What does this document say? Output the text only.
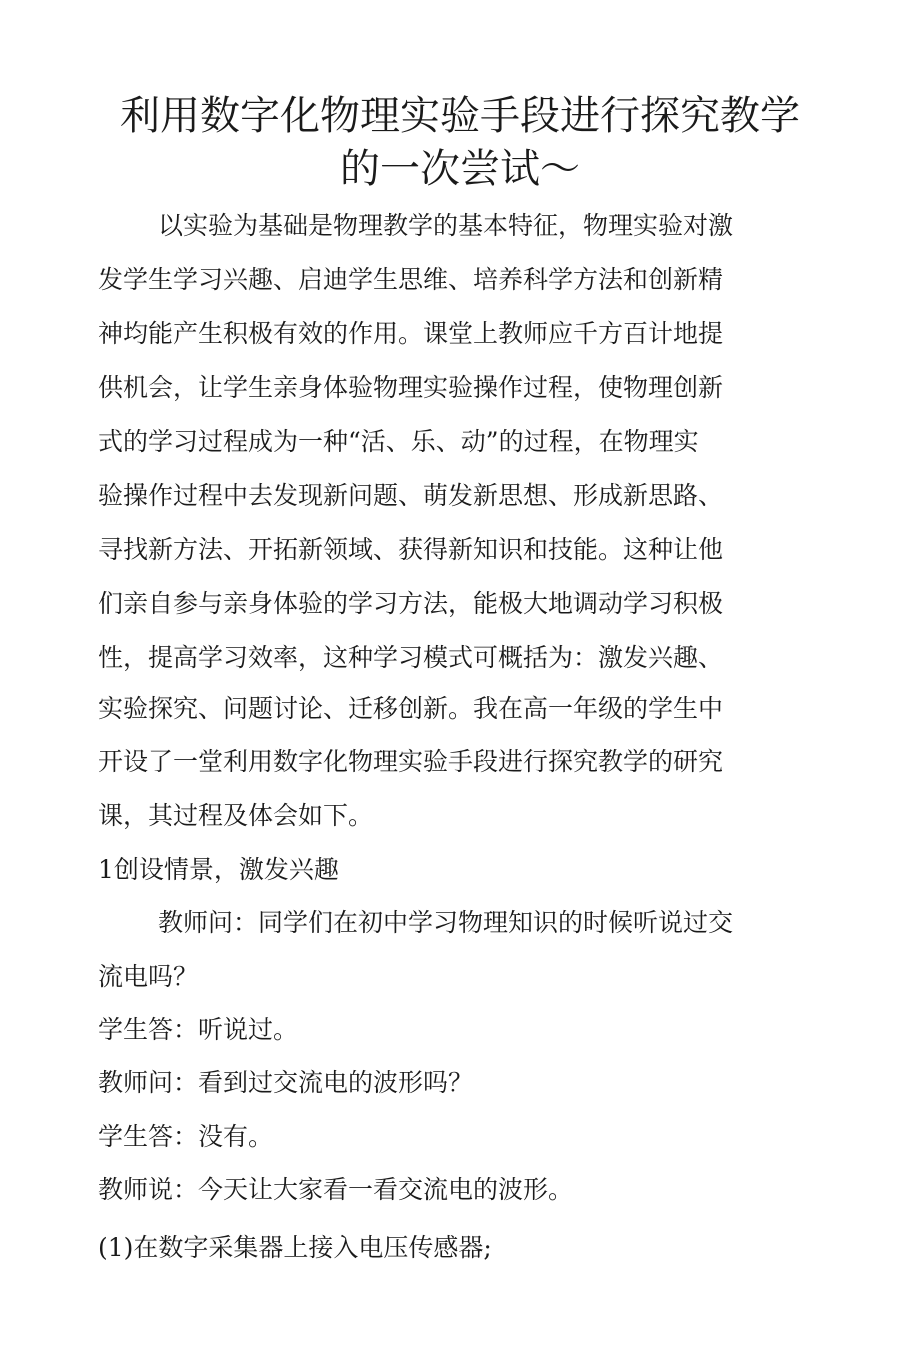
利用数字化物理实验手段进行探究教学
的一次尝试～
以实验为基础是物理教学的基本特征，物理实验对激
发学生学习兴趣、启迪学生思维、培养科学方法和创新精
神均能产生积极有效的作用。课堂上教师应千方百计地提
供机会，让学生亲身体验物理实验操作过程，使物理创新
式的学习过程成为一种“活、乐、动”的过程，在物理实
验操作过程中去发现新问题、萌发新思想、形成新思路、
寻找新方法、开拓新领域、获得新知识和技能。这种让他
们亲自参与亲身体验的学习方法，能极大地调动学习积极
性，提高学习效率，这种学习模式可概括为：激发兴趣、
实验探究、问题讨论、迁移创新。我在高一年级的学生中
开设了一堂利用数字化物理实验手段进行探究教学的研究
课，其过程及体会如下。
1创设情景，激发兴趣
教师问：同学们在初中学习物理知识的时候听说过交
流电吗？
学生答：听说过。
教师问：看到过交流电的波形吗？
学生答：没有。
教师说：今天让大家看一看交流电的波形。
(1)在数字采集器上接入电压传感器;
